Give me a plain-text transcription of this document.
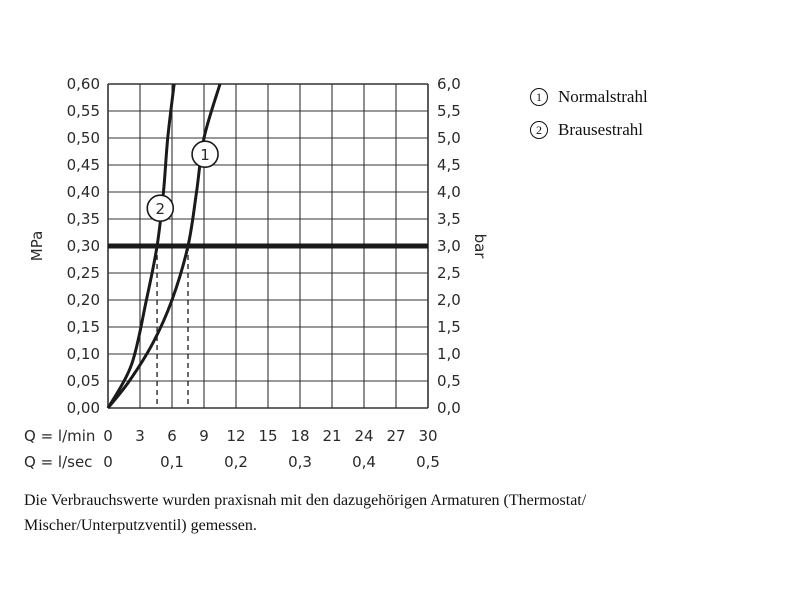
1
2
0,00
0,05
0,10
0,15
0,20
0,25
0,30
0,35
0,40
0,45
0,50
0,55
0,60
0,0
0,5
1,0
1,5
2,0
2,5
3,0
3,5
4,0
4,5
5,0
5,5
6,0
Q = l/min 0 3 6 9 12 15 18 21 24 27 30
Q = l/sec 0	0,1	0,2	0,3	0,4	0,5
MPa	bar
1 Normalstrahl
2 Brausestrahl
Die Verbrauchswerte wurden praxisnah mit den dazugehörigen Armaturen (Thermostat/ Mischer/Unterputzventil) gemessen.
